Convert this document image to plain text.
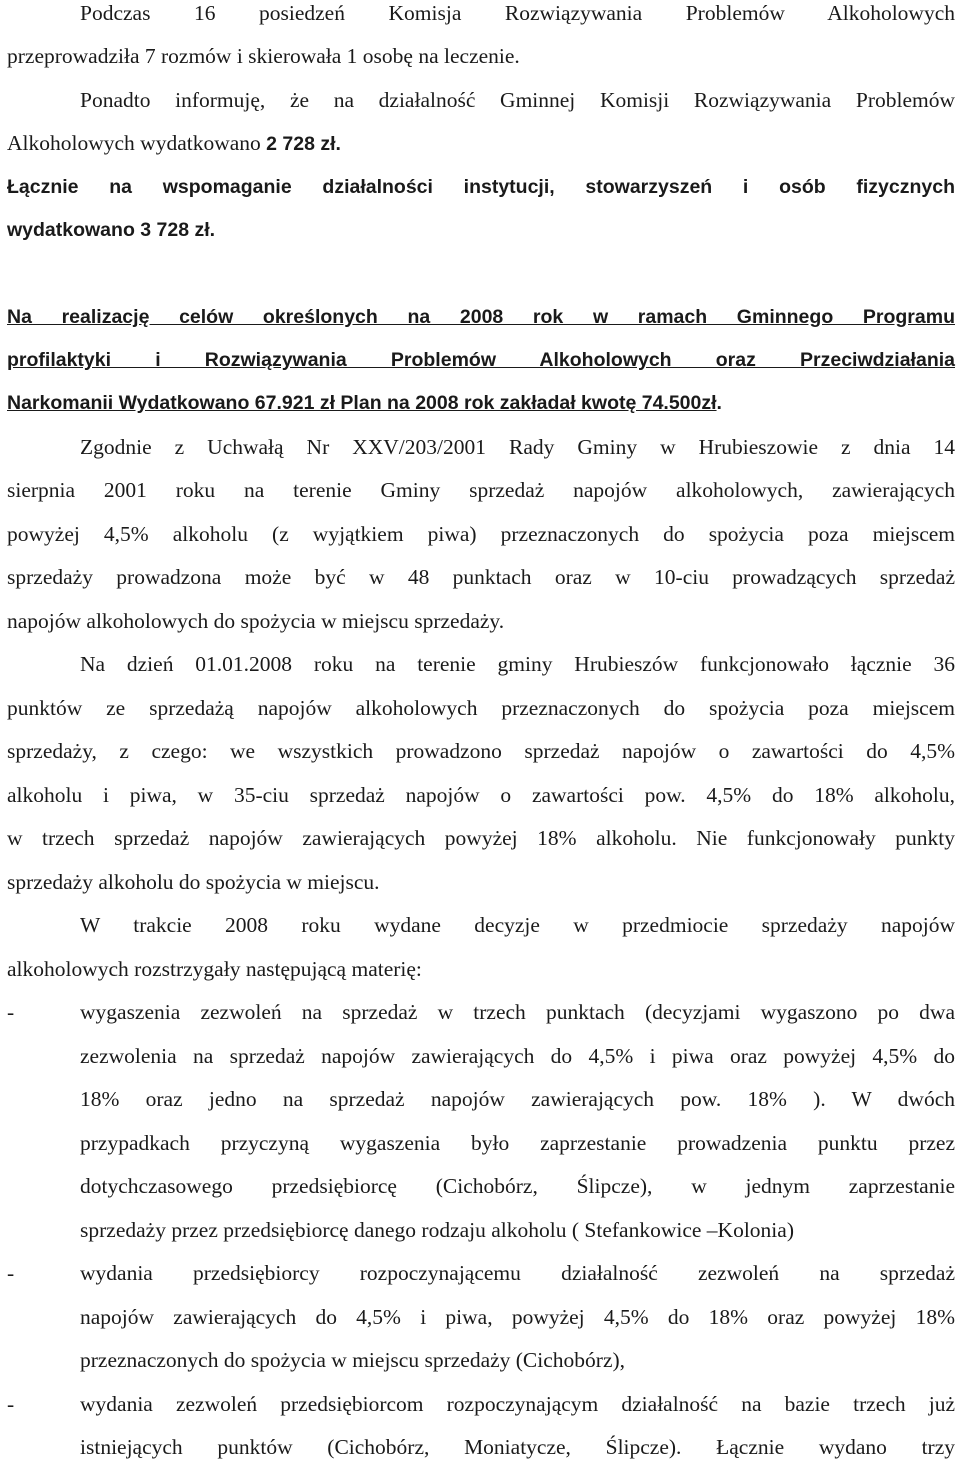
Podczas 16 posiedzeń Komisja Rozwiązywania Problemów Alkoholowych
przeprowadziła 7 rozmów i skierowała 1 osobę na leczenie.
Ponadto informuję, że na działalność Gminnej Komisji Rozwiązywania Problemów
Alkoholowych wydatkowano 2 728 zł.
Łącznie na wspomaganie działalności instytucji, stowarzyszeń i osób fizycznych
wydatkowano 3 728 zł.
Na realizację celów określonych na 2008 rok w ramach Gminnego Programu
profilaktyki i Rozwiązywania Problemów Alkoholowych oraz Przeciwdziałania
Narkomanii Wydatkowano 67.921 zł Plan na 2008 rok zakładał kwotę 74.500zł.
Zgodnie z Uchwałą Nr XXV/203/2001 Rady Gminy w Hrubieszowie z dnia 14
sierpnia 2001 roku na terenie Gminy sprzedaż napojów alkoholowych, zawierających
powyżej 4,5% alkoholu (z wyjątkiem piwa) przeznaczonych do spożycia poza miejscem
sprzedaży prowadzona może być w 48 punktach oraz w 10-ciu prowadzących sprzedaż
napojów alkoholowych do spożycia w miejscu sprzedaży.
Na dzień 01.01.2008 roku na terenie gminy Hrubieszów funkcjonowało łącznie 36
punktów ze sprzedażą napojów alkoholowych przeznaczonych do spożycia poza miejscem
sprzedaży, z czego: we wszystkich prowadzono sprzedaż napojów o zawartości do 4,5%
alkoholu i piwa, w 35-ciu sprzedaż napojów o zawartości pow. 4,5% do 18% alkoholu,
w trzech sprzedaż napojów zawierających powyżej 18% alkoholu. Nie funkcjonowały punkty
sprzedaży alkoholu do spożycia w miejscu.
W trakcie 2008 roku wydane decyzje w przedmiocie sprzedaży napojów
alkoholowych rozstrzygały następującą materię:
-	wygaszenia zezwoleń na sprzedaż w trzech punktach (decyzjami wygaszono po dwa
zezwolenia na sprzedaż napojów zawierających do 4,5% i piwa oraz powyżej 4,5% do
18% oraz jedno na sprzedaż napojów zawierających pow. 18% ). W dwóch
przypadkach przyczyną wygaszenia było zaprzestanie prowadzenia punktu przez
dotychczasowego przedsiębiorcę (Cichobórz, Ślipcze), w jednym zaprzestanie
sprzedaży przez przedsiębiorcę danego rodzaju alkoholu ( Stefankowice –Kolonia)
-	wydania przedsiębiorcy rozpoczynającemu działalność zezwoleń na sprzedaż
napojów zawierających do 4,5% i piwa, powyżej 4,5% do 18% oraz powyżej 18%
przeznaczonych do spożycia w miejscu sprzedaży (Cichobórz),
-	wydania zezwoleń przedsiębiorcom rozpoczynającym działalność na bazie trzech już
istniejących punktów (Cichobórz, Moniatycze, Ślipcze). Łącznie wydano trzy
